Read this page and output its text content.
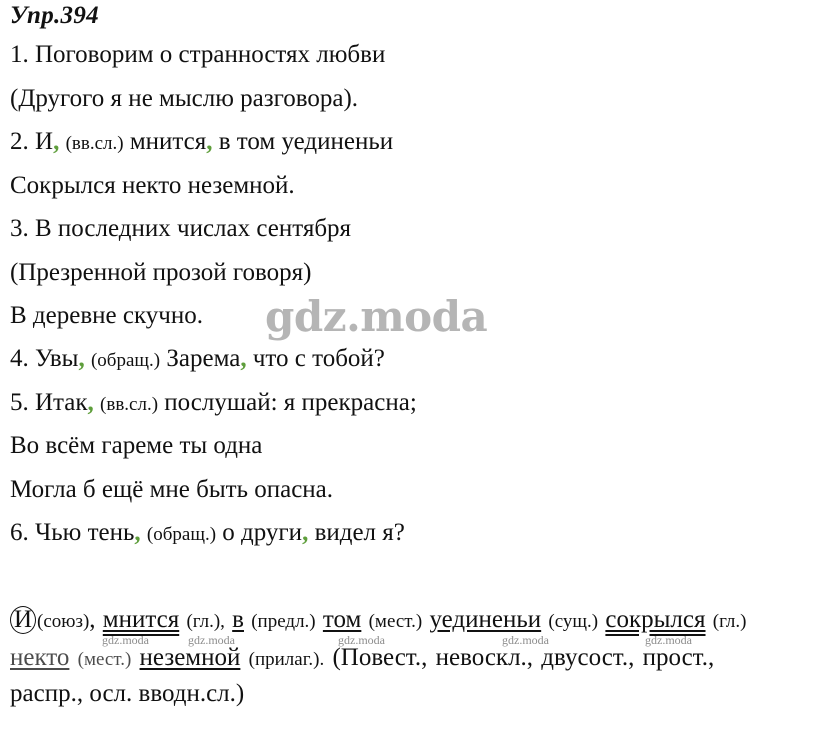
Упр.394
1. Поговорим о странностях любви
(Другого я не мыслю разговора).
2. И, (вв.сл.) мнится, в том уединеньи
Сокрылся некто неземной.
3. В последних числах сентября
(Презренной прозой говоря)
В деревне скучно.
4. Увы, (обращ.) Зарема, что с тобой?
5. Итак, (вв.сл.) послушай: я прекрасна;
Во всём гареме ты одна
Могла б ещё мне быть опасна.
6. Чью тень, (обращ.) о други, видел я?
gdz.moda
И (союз), мнится (гл.), в (предл.) том (мест.) уединеньи (сущ.) сокрылся (гл.)
gdz.moda	gdz.moda	gdz.moda	gdz.moda	gdz.moda
некто (мест.) неземной (прилаг.). (Повест., невоскл., двусост., прост.,
распр., осл. вводн.сл.)
